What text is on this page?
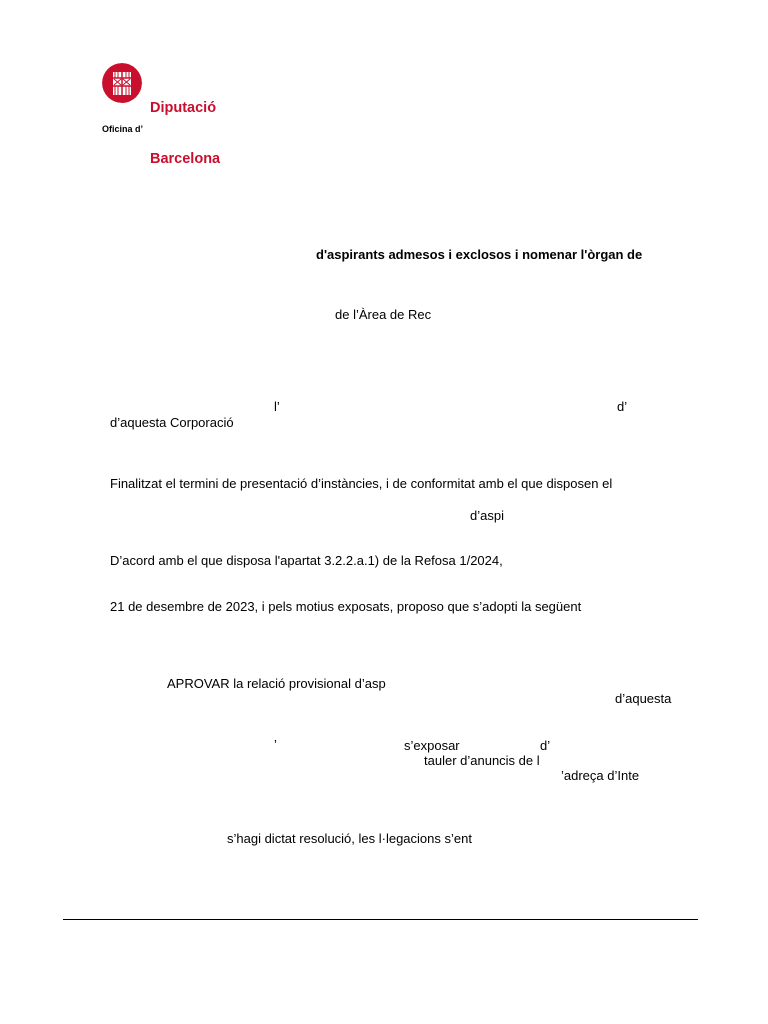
Diputació

Barcelona

Oficina d’
d'aspirants admesos i exclosos i nomenar l'òrgan de
de l’Àrea de Rec
l’	d’
d’aquesta Corporació
Finalitzat el termini de presentació d’instàncies, i de conformitat amb el que disposen el
d’aspi
D’acord amb el que disposa l'apartat 3.2.2.a.1) de la Refosa 1/2024,
21 de desembre de 2023, i pels motius exposats, proposo que s’adopti la següent
APROVAR la relació provisional d’asp
d’aquesta
’	s’exposar	d’
tauler d’anuncis de l
’adreça d’Inte
s’hagi dictat resolució, les l·legacions s’ent
